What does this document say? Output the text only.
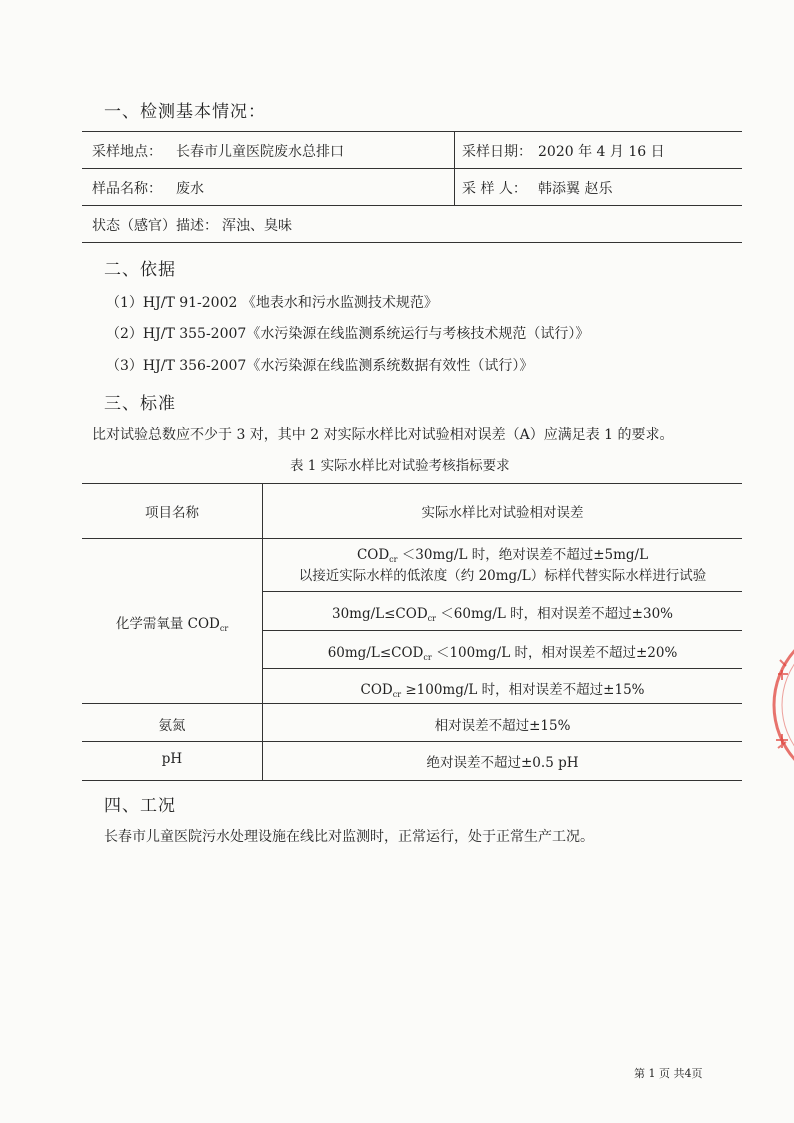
一、检测基本情况：
采样地点： 长春市儿童医院废水总排口	采样日期： 2020 年 4 月 16 日
样品名称： 废水	采 样 人： 韩添翼 赵乐
状态（感官）描述： 浑浊、臭味
二、依据
（1）HJ/T 91-2002 《地表水和污水监测技术规范》
（2）HJ/T 355-2007《水污染源在线监测系统运行与考核技术规范（试行）》
（3）HJ/T 356-2007《水污染源在线监测系统数据有效性（试行）》
三、标准
比对试验总数应不少于 3 对，其中 2 对实际水样比对试验相对误差（A）应满足表 1 的要求。
表 1 实际水样比对试验考核指标要求
项目名称	实际水样比对试验相对误差
化学需氧量 $COD_{cr}$
$COD_{cr} <30mg/L$ 时，绝对误差不超过±5mg/L
以接近实际水样的低浓度（约 20mg/L）标样代替实际水样进行试验
$30mg/L\le COD_{cr} <60mg/L$ 时，相对误差不超过±30%
$60mg/L\le COD_{cr} <100mg/L$ 时，相对误差不超过±20%
$COD_{cr} \ge 100mg/L$ 时，相对误差不超过±15%
氨氮	相对误差不超过±15%
pH	绝对误差不超过±0.5 pH
四、工况
长春市儿童医院污水处理设施在线比对监测时，正常运行，处于正常生产工况。
第 1 页 共4页
